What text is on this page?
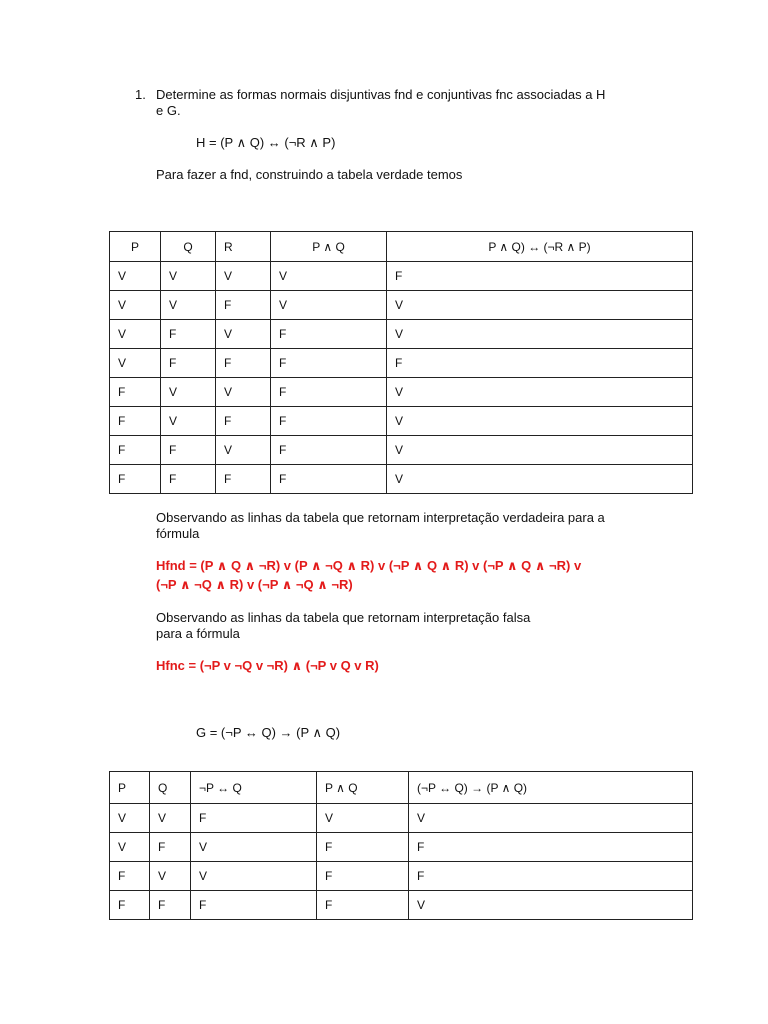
1. Determine as formas normais disjuntivas fnd e conjuntivas fnc associadas a H
e G.
H = (P ∧ Q) ↔ (¬R ∧ P)
Para fazer a fnd, construindo a tabela verdade temos
P	Q	R	P ∧ Q	P ∧ Q) ↔ (¬R ∧ P)
V	V	V	V	F
V	V	F	V	V
V	F	V	F	V
V	F	F	F	F
F	V	V	F	V
F	V	F	F	V
F	F	V	F	V
F	F	F	F	V
Observando as linhas da tabela que retornam interpretação verdadeira para a
fórmula
Hfnd = (P ∧ Q ∧ ¬R) v (P ∧ ¬Q ∧ R) v (¬P ∧ Q ∧ R) v (¬P ∧ Q ∧ ¬R) v
(¬P ∧ ¬Q ∧ R) v (¬P ∧ ¬Q ∧ ¬R)
Observando as linhas da tabela que retornam interpretação falsa
para a fórmula
Hfnc = (¬P v ¬Q v ¬R) ∧ (¬P v Q v R)
G = (¬P ↔ Q) → (P ∧ Q)
P	Q	¬P ↔ Q	P ∧ Q	(¬P ↔ Q) → (P ∧ Q)
V	V	F	V	V
V	F	V	F	F
F	V	V	F	F
F	F	F	F	V
